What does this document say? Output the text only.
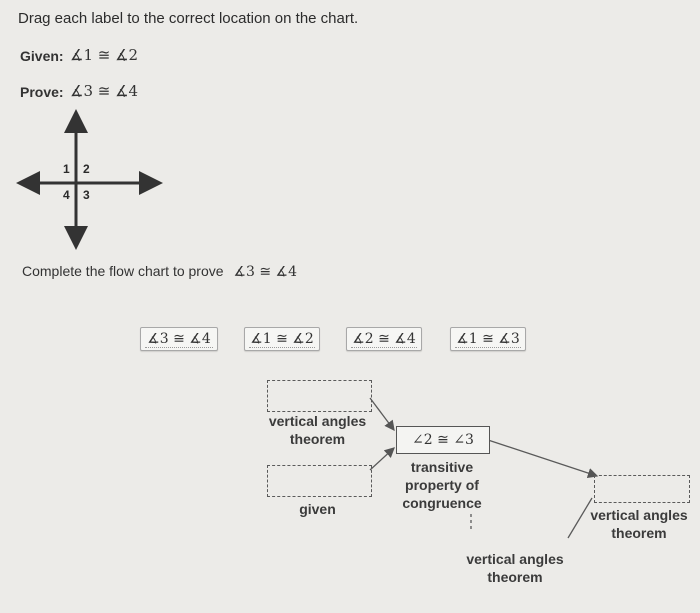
Drag each label to the correct location on the chart.
Given: ∡1 ≅ ∡2
Prove: ∡3 ≅ ∡4
1 2
4 3
Complete the flow chart to prove ∡3 ≅ ∡4
∡3 ≅ ∡4	∡1 ≅ ∡2	∡2 ≅ ∡4	∡1 ≅ ∡3
vertical angles
theorem
given
∠2 ≅ ∠3
transitive
property of
congruence
vertical angles
theorem
vertical angles
theorem
